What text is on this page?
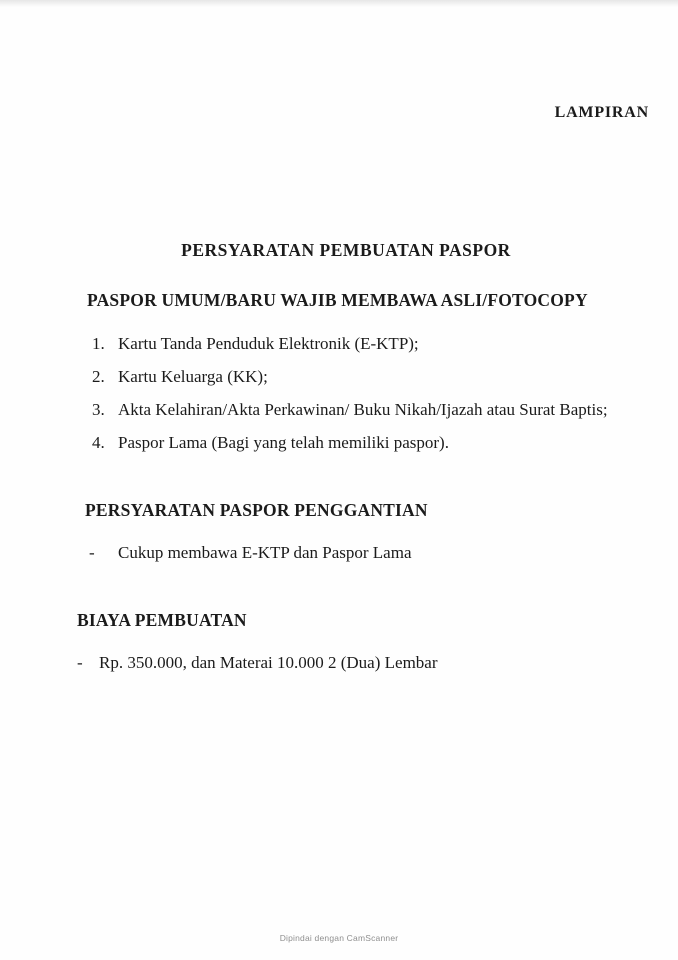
LAMPIRAN

PERSYARATAN PEMBUATAN PASPOR

PASPOR UMUM/BARU WAJIB MEMBAWA ASLI/FOTOCOPY

1. Kartu Tanda Penduduk Elektronik (E-KTP);
2. Kartu Keluarga (KK);
3. Akta Kelahiran/Akta Perkawinan/ Buku Nikah/Ijazah atau Surat Baptis;
4. Paspor Lama (Bagi yang telah memiliki paspor).

PERSYARATAN PASPOR PENGGANTIAN

-	Cukup membawa E-KTP dan Paspor Lama

BIAYA PEMBUATAN

- Rp. 350.000, dan Materai 10.000 2 (Dua) Lembar
Dipindai dengan CamScanner
